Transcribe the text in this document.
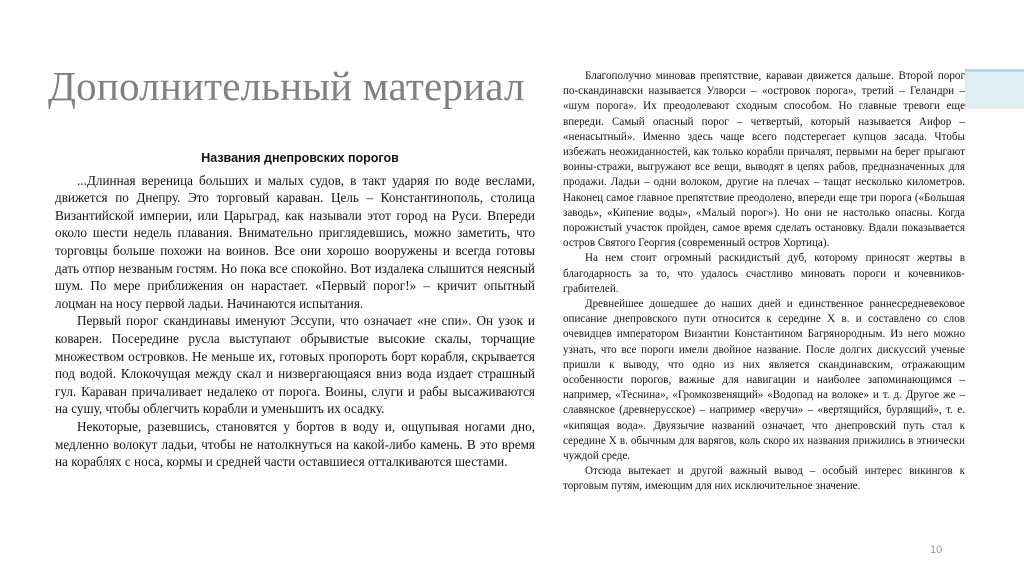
Дополнительный материал
Названия днепровских порогов

...Длинная вереница больших и малых судов, в такт ударяя по воде веслами, движется по Днепру. Это торговый караван. Цель – Константинополь, столица Византийской империи, или Царьград, как называли этот город на Руси. Впереди около шести недель плавания. Внимательно приглядевшись, можно заметить, что торговцы больше похожи на воинов. Все они хорошо вооружены и всегда готовы дать отпор незваным гостям. Но пока все спокойно. Вот издалека слышится неясный шум. По мере приближения он нарастает. «Первый порог!» – кричит опытный лоцман на носу первой ладьи. Начинаются испытания.

Первый порог скандинавы именуют Эссупи, что означает «не спи». Он узок и коварен. Посередине русла выступают обрывистые высокие скалы, торчащие множеством островков. Не меньше их, готовых пропороть борт корабля, скрывается под водой. Клокочущая между скал и низвергающаяся вниз вода издает страшный гул. Караван причаливает недалеко от порога. Воины, слуги и рабы высаживаются на сушу, чтобы облегчить корабли и уменьшить их осадку.

Некоторые, разевшись, становятся у бортов в воду и, ощупывая ногами дно, медленно волокут ладьи, чтобы не натолкнуться на какой-либо камень. В это время на кораблях с носа, кормы и средней части оставшиеся отталкиваются шестами.

Благополучно миновав препятствие, караван движется дальше. Второй порог по-скандинавски называется Улворси – «островок порога», третий – Геландри – «шум порога». Их преодолевают сходным способом. Но главные тревоги еще впереди. Самый опасный порог – четвертый, который называется Аифор – «ненасытный». Именно здесь чаще всего подстерегает купцов засада. Чтобы избежать неожиданностей, как только корабли причалят, первыми на берег прыгают воины-стражи, выгружают все вещи, выводят в цепях рабов, предназначенных для продажи. Ладьи – одни волоком, другие на плечах – тащат несколько километров. Наконец самое главное препятствие преодолено, впереди еще три порога («Большая заводь», «Кипение воды», «Малый порог»). Но они не настолько опасны. Когда порожистый участок пройден, самое время сделать остановку. Вдали показывается остров Святого Георгия (современный остров Хортица).

На нем стоит огромный раскидистый дуб, которому приносят жертвы в благодарность за то, что удалось счастливо миновать пороги и кочевников-грабителей.

Древнейшее дошедшее до наших дней и единственное раннесредневековое описание днепровского пути относится к середине X в. и составлено со слов очевидцев императором Византии Константином Багрянородным. Из него можно узнать, что все пороги имели двойное название. После долгих дискуссий ученые пришли к выводу, что одно из них является скандинавским, отражающим особенности порогов, важные для навигации и наиболее запоминающимся – например, «Теснина», «Громкозвенящий» «Водопад на волоке» и т. д. Другое же – славянское (древнерусское) – например «веручи» – «вертящийся, бурлящий», т. е. «кипящая вода». Двуязычие названий означает, что днепровский путь стал к середине X в. обычным для варягов, коль скоро их названия прижились в этнически чуждой среде.

Отсюда вытекает и другой важный вывод – особый интерес викингов к торговым путям, имеющим для них исключительное значение.

10
